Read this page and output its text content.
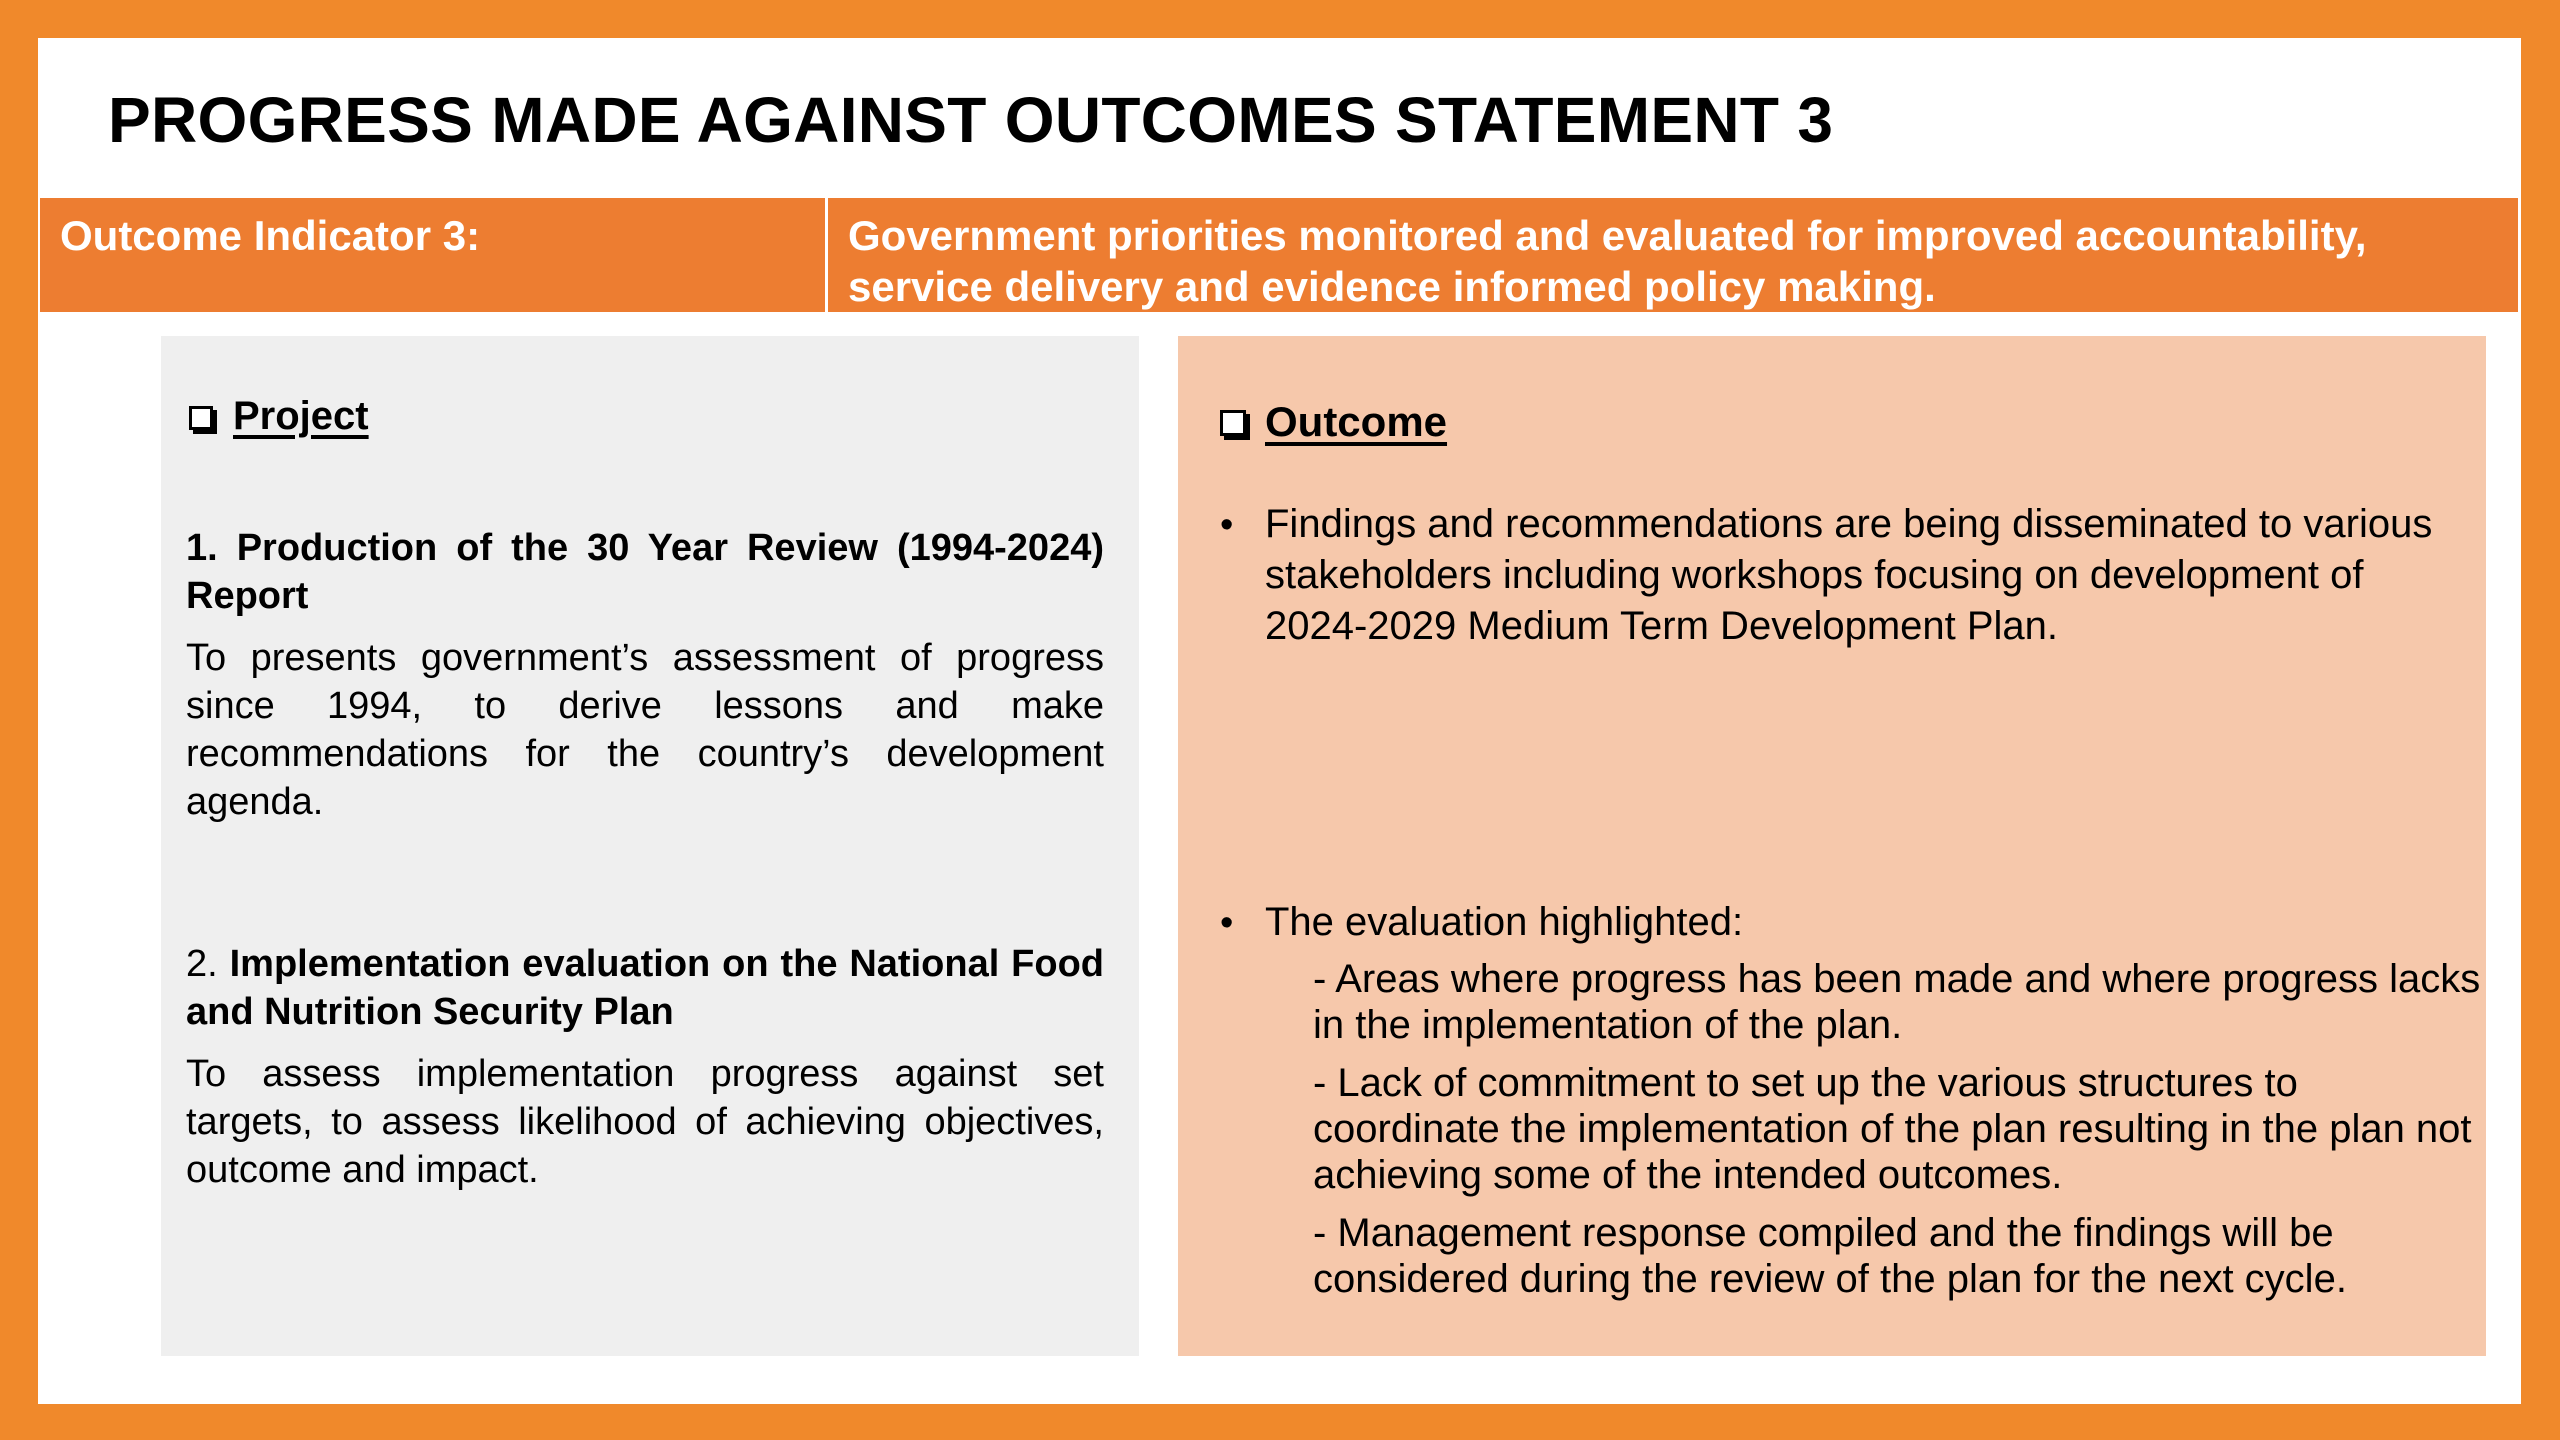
PROGRESS MADE AGAINST OUTCOMES STATEMENT 3
Outcome Indicator 3:	Government priorities monitored and evaluated for improved accountability, service delivery and evidence informed policy making.
Project
1. Production of the 30 Year Review (1994-2024) Report
To presents government’s assessment of progress since 1994, to derive lessons and make recommendations for the country’s development agenda.
2. Implementation evaluation on the National Food and Nutrition Security Plan
To assess implementation progress against set targets, to assess likelihood of achieving objectives, outcome and impact.
Outcome
• Findings and recommendations are being disseminated to various stakeholders including workshops focusing on development of 2024-2029 Medium Term Development Plan.
• The evaluation highlighted:
- Areas where progress has been made and where progress lacks in the implementation of the plan.
- Lack of commitment to set up the various structures to coordinate the implementation of the plan resulting in the plan not achieving some of the intended outcomes.
- Management response compiled and the findings will be considered during the review of the plan for the next cycle.
